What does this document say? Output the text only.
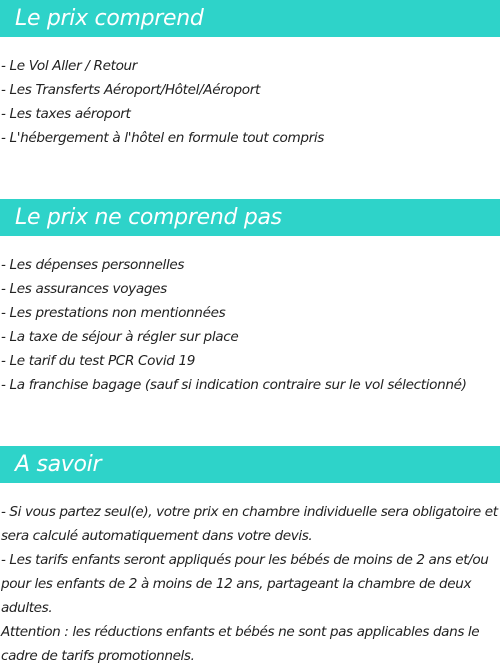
Le prix comprend
- Le Vol Aller / Retour
- Les Transferts Aéroport/Hôtel/Aéroport
- Les taxes aéroport
- L'hébergement à l'hôtel en formule tout compris
Le prix ne comprend pas
- Les dépenses personnelles
- Les assurances voyages
- Les prestations non mentionnées
- La taxe de séjour à régler sur place
- Le tarif du test PCR Covid 19
- La franchise bagage (sauf si indication contraire sur le vol sélectionné)
A savoir

- Si vous partez seul(e), votre prix en chambre individuelle sera obligatoire et sera calculé automatiquement dans votre devis.

- Les tarifs enfants seront appliqués pour les bébés de moins de 2 ans et/ou pour les enfants de 2 à moins de 12 ans, partageant la chambre de deux adultes.

Attention : les réductions enfants et bébés ne sont pas applicables dans le cadre de tarifs promotionnels.
